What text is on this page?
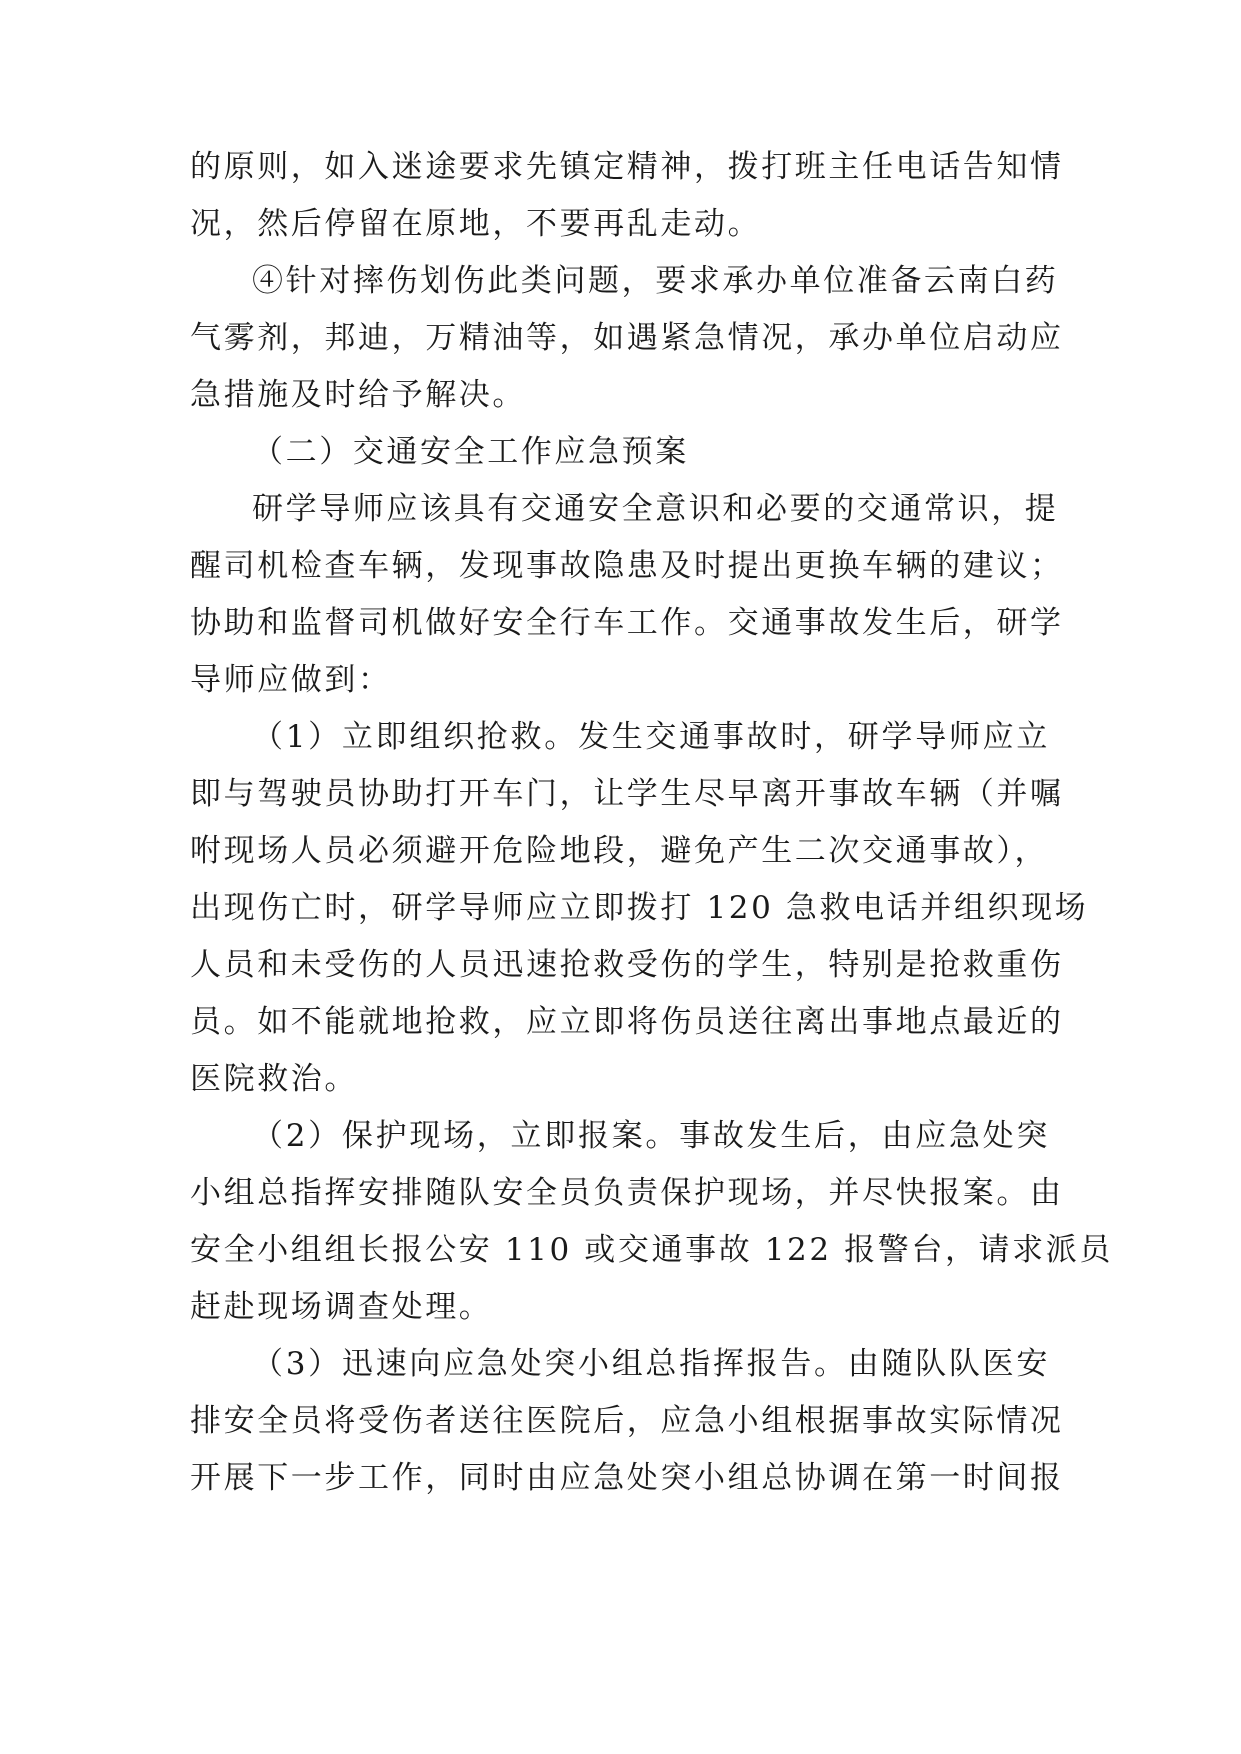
的原则，如入迷途要求先镇定精神，拨打班主任电话告知情
况，然后停留在原地，不要再乱走动。
④针对摔伤划伤此类问题，要求承办单位准备云南白药
气雾剂，邦迪，万精油等，如遇紧急情况，承办单位启动应
急措施及时给予解决。
（二）交通安全工作应急预案
研学导师应该具有交通安全意识和必要的交通常识，提
醒司机检查车辆，发现事故隐患及时提出更换车辆的建议；
协助和监督司机做好安全行车工作。交通事故发生后，研学
导师应做到：
（1）立即组织抢救。发生交通事故时，研学导师应立
即与驾驶员协助打开车门，让学生尽早离开事故车辆（并嘱
咐现场人员必须避开危险地段，避免产生二次交通事故），
出现伤亡时，研学导师应立即拨打 120 急救电话并组织现场
人员和未受伤的人员迅速抢救受伤的学生，特别是抢救重伤
员。如不能就地抢救，应立即将伤员送往离出事地点最近的
医院救治。
（2）保护现场，立即报案。事故发生后，由应急处突
小组总指挥安排随队安全员负责保护现场，并尽快报案。由
安全小组组长报公安 110 或交通事故 122 报警台，请求派员
赶赴现场调查处理。
（3）迅速向应急处突小组总指挥报告。由随队队医安
排安全员将受伤者送往医院后，应急小组根据事故实际情况
开展下一步工作，同时由应急处突小组总协调在第一时间报
